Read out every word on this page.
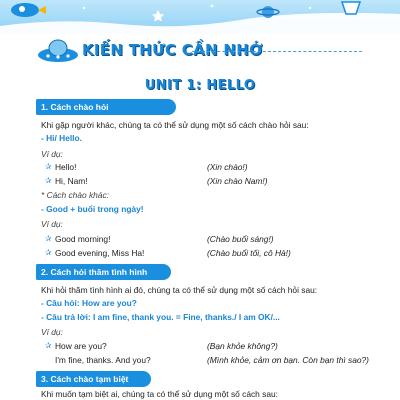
KIẾN THỨC CẦN NHỚ
UNIT 1: HELLO
1. Cách chào hỏi
Khi gặp người khác, chúng ta có thể sử dụng một số cách chào hỏi sau:
- Hi/ Hello.
Ví dụ:
✰ Hello!	(Xin chào!)
✰ Hi, Nam!	(Xin chào Nam!)
* Cách chào khác:
- Good + buổi trong ngày!
Ví dụ:
✰ Good morning!	(Chào buổi sáng!)
✰ Good evening, Miss Ha!	(Chào buổi tối, cô Hà!)
2. Cách hỏi thăm tình hình
Khi hỏi thăm tình hình ai đó, chúng ta có thể sử dụng một số cách hỏi sau:
- Câu hỏi: How are you?
- Câu trả lời: I am fine, thank you. = Fine, thanks./ I am OK/...
Ví dụ:
✰ How are you?	(Bạn khỏe không?)
I'm fine, thanks. And you?	(Mình khỏe, cảm ơn bạn. Còn bạn thì sao?)
3. Cách chào tạm biệt
Khi muốn tạm biệt ai, chúng ta có thể sử dụng một số cách sau:
